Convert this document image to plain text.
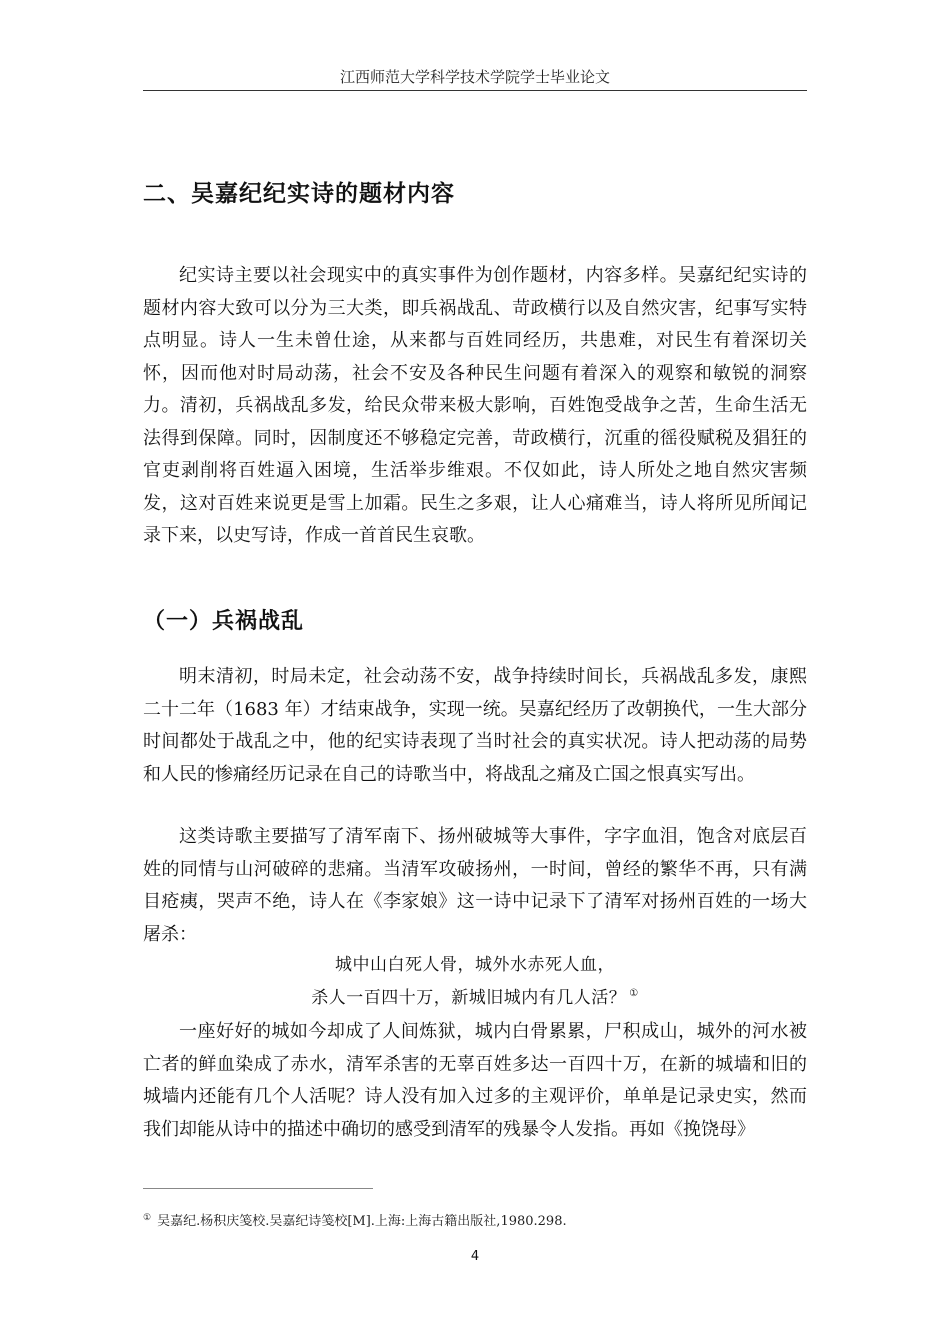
江西师范大学科学技术学院学士毕业论文
二、吴嘉纪纪实诗的题材内容
纪实诗主要以社会现实中的真实事件为创作题材，内容多样。吴嘉纪纪实诗的题材内容大致可以分为三大类，即兵祸战乱、苛政横行以及自然灾害，纪事写实特点明显。诗人一生未曾仕途，从来都与百姓同经历，共患难，对民生有着深切关怀，因而他对时局动荡，社会不安及各种民生问题有着深入的观察和敏锐的洞察力。清初，兵祸战乱多发，给民众带来极大影响，百姓饱受战争之苦，生命生活无法得到保障。同时，因制度还不够稳定完善，苛政横行，沉重的徭役赋税及猖狂的官吏剥削将百姓逼入困境，生活举步维艰。不仅如此，诗人所处之地自然灾害频发，这对百姓来说更是雪上加霜。民生之多艰，让人心痛难当，诗人将所见所闻记录下来，以史写诗，作成一首首民生哀歌。
（一）兵祸战乱
明末清初，时局未定，社会动荡不安，战争持续时间长，兵祸战乱多发，康熙二十二年（1683 年）才结束战争，实现一统。吴嘉纪经历了改朝换代，一生大部分时间都处于战乱之中，他的纪实诗表现了当时社会的真实状况。诗人把动荡的局势和人民的惨痛经历记录在自己的诗歌当中，将战乱之痛及亡国之恨真实写出。
这类诗歌主要描写了清军南下、扬州破城等大事件，字字血泪，饱含对底层百姓的同情与山河破碎的悲痛。当清军攻破扬州，一时间，曾经的繁华不再，只有满目疮痍，哭声不绝，诗人在《李家娘》这一诗中记录下了清军对扬州百姓的一场大屠杀：
城中山白死人骨，城外水赤死人血，
杀人一百四十万，新城旧城内有几人活？ ①
一座好好的城如今却成了人间炼狱，城内白骨累累，尸积成山，城外的河水被亡者的鲜血染成了赤水，清军杀害的无辜百姓多达一百四十万，在新的城墙和旧的城墙内还能有几个人活呢？诗人没有加入过多的主观评价，单单是记录史实，然而我们却能从诗中的描述中确切的感受到清军的残暴令人发指。再如《挽饶母》
① 吴嘉纪.杨积庆笺校.吴嘉纪诗笺校[M].上海:上海古籍出版社,1980.298.
4
